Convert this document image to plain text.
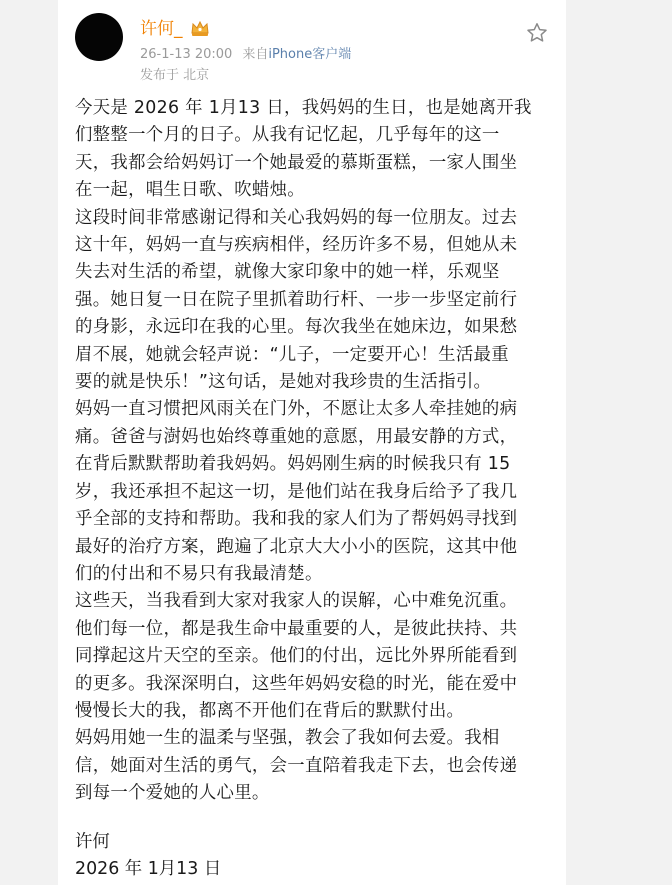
许何_
26-1-13 20:00 来自iPhone客户端
发布于 北京
今天是 2026 年 1月13 日，我妈妈的生日，也是她离开我
们整整一个月的日子。从我有记忆起，几乎每年的这一
天，我都会给妈妈订一个她最爱的慕斯蛋糕，一家人围坐
在一起，唱生日歌、吹蜡烛。
这段时间非常感谢记得和关心我妈妈的每一位朋友。过去
这十年，妈妈一直与疾病相伴，经历许多不易，但她从未
失去对生活的希望，就像大家印象中的她一样，乐观坚
强。她日复一日在院子里抓着助行杆、一步一步坚定前行
的身影，永远印在我的心里。每次我坐在她床边，如果愁
眉不展，她就会轻声说：“儿子，一定要开心！生活最重
要的就是快乐！”这句话，是她对我珍贵的生活指引。
妈妈一直习惯把风雨关在门外，不愿让太多人牵挂她的病
痛。爸爸与澍妈也始终尊重她的意愿，用最安静的方式，
在背后默默帮助着我妈妈。妈妈刚生病的时候我只有 15
岁，我还承担不起这一切，是他们站在我身后给予了我几
乎全部的支持和帮助。我和我的家人们为了帮妈妈寻找到
最好的治疗方案，跑遍了北京大大小小的医院，这其中他
们的付出和不易只有我最清楚。
这些天，当我看到大家对我家人的误解，心中难免沉重。
他们每一位，都是我生命中最重要的人，是彼此扶持、共
同撑起这片天空的至亲。他们的付出，远比外界所能看到
的更多。我深深明白，这些年妈妈安稳的时光，能在爱中
慢慢长大的我，都离不开他们在背后的默默付出。
妈妈用她一生的温柔与坚强，教会了我如何去爱。我相
信，她面对生活的勇气，会一直陪着我走下去，也会传递
到每一个爱她的人心里。
许何
2026 年 1月13 日
